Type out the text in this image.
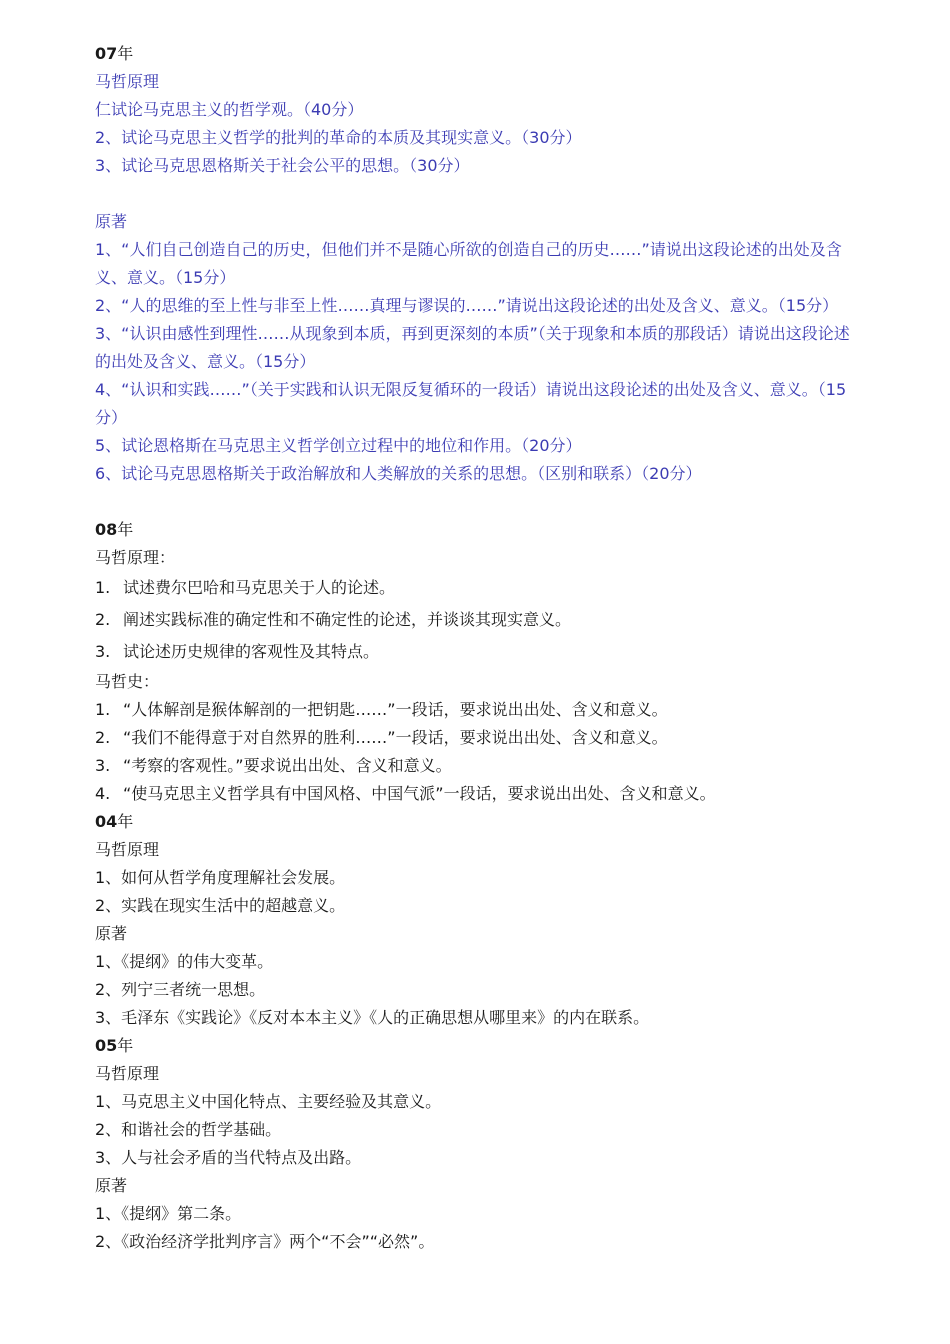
07年
马哲原理
仁试论马克思主义的哲学观。（40分）
2、试论马克思主义哲学的批判的革命的本质及其现实意义。（30分）
3、试论马克思恩格斯关于社会公平的思想。（30分）
原著
1、“人们自己创造自己的历史，但他们并不是随心所欲的创造自己的历史……”请说出这段论述的出处及含义、意义。（15分）
2、“人的思维的至上性与非至上性……真理与谬误的……”请说出这段论述的出处及含义、意义。（15分）
3、“认识由感性到理性……从现象到本质，再到更深刻的本质”（关于现象和本质的那段话）请说出这段论述的出处及含义、意义。（15分）
4、“认识和实践……”（关于实践和认识无限反复循环的一段话）请说出这段论述的出处及含义、意义。（15分）
5、试论恩格斯在马克思主义哲学创立过程中的地位和作用。（20分）
6、试论马克思恩格斯关于政治解放和人类解放的关系的思想。（区别和联系）（20分）
08年
马哲原理：
1. 试述费尔巴哈和马克思关于人的论述。
2. 阐述实践标准的确定性和不确定性的论述，并谈谈其现实意义。
3. 试论述历史规律的客观性及其特点。
马哲史：
1. “人体解剖是猴体解剖的一把钥匙……”一段话，要求说出出处、含义和意义。
2. “我们不能得意于对自然界的胜利……”一段话，要求说出出处、含义和意义。
3. “考察的客观性。”要求说出出处、含义和意义。
4. “使马克思主义哲学具有中国风格、中国气派”一段话，要求说出出处、含义和意义。
04年
马哲原理
1、如何从哲学角度理解社会发展。
2、实践在现实生活中的超越意义。
原著
1、《提纲》的伟大变革。
2、列宁三者统一思想。
3、毛泽东《实践论》《反对本本主义》《人的正确思想从哪里来》的内在联系。
05年
马哲原理
1、马克思主义中国化特点、主要经验及其意义。
2、和谐社会的哲学基础。
3、人与社会矛盾的当代特点及出路。
原著
1、《提纲》第二条。
2、《政治经济学批判序言》两个“不会”“必然”。
